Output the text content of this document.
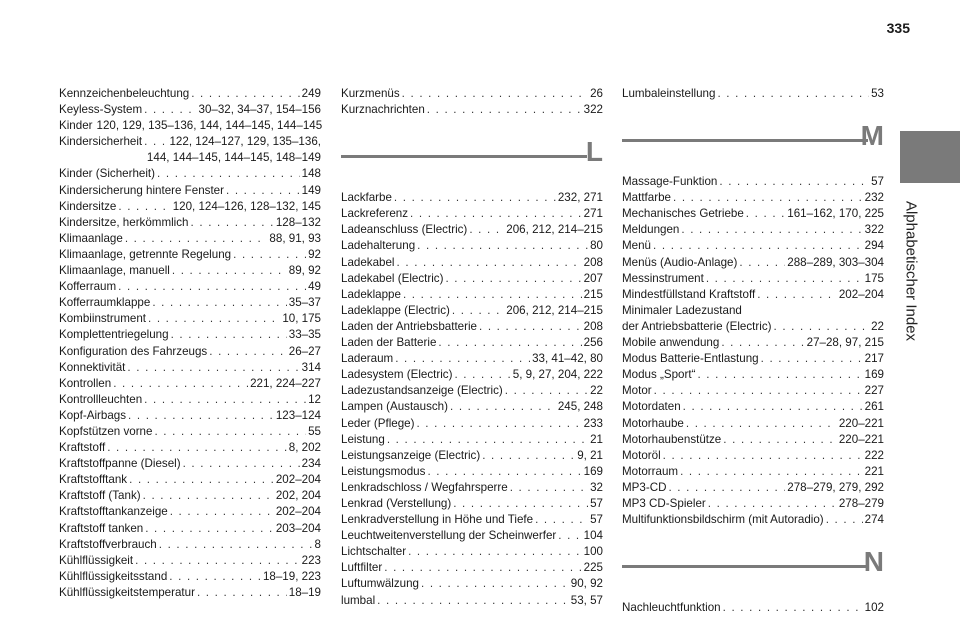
335
Alphabetischer Index
Kennzeichenbeleuchtung . . .	249
Keyless-System . . .	30–32, 34–37, 154–156
Kinder 120, 129, 135–136, 144, 144–145, 144–145
Kindersicherheit . . . 122, 124–127, 129, 135–136,
144, 144–145, 144–145, 148–149
Kinder (Sicherheit) . . .	148
Kindersicherung hintere Fenster . . .	149
Kindersitze . . .	120, 124–126, 128–132, 145
Kindersitze, herkömmlich . . .	128–132
Klimaanlage . . .	88, 91, 93
Klimaanlage, getrennte Regelung . . .	92
Klimaanlage, manuell . . .	89, 92
Kofferraum . . .	49
Kofferraumklappe . . .	35–37
Kombiinstrument . . .	10, 175
Komplettentriegelung . . .	33–35
Konfiguration des Fahrzeugs . . .	26–27
Konnektivität . . .	314
Kontrollen . . .	221, 224–227
Kontrollleuchten . . .	12
Kopf-Airbags . . .	123–124
Kopfstützen vorne . . .	55
Kraftstoff . . .	8, 202
Kraftstoffpanne (Diesel) . . .	234
Kraftstofftank . . .	202–204
Kraftstoff (Tank) . . .	202, 204
Kraftstofftankanzeige . . .	202–204
Kraftstoff tanken . . .	203–204
Kraftstoffverbrauch . . .	8
Kühlflüssigkeit . . .	223
Kühlflüssigkeitsstand . . .	18–19, 223
Kühlflüssigkeitstemperatur . . .	18–19
Kurzmenüs . . .	26
Kurznachrichten . . .	322
L
Lackfarbe . . .	232, 271
Lackreferenz . . .	271
Ladeanschluss (Electric) . . .	206, 212, 214–215
Ladehalterung . . .	80
Ladekabel . . .	208
Ladekabel (Electric) . . .	207
Ladeklappe . . .	215
Ladeklappe (Electric) . . .	206, 212, 214–215
Laden der Antriebsbatterie . . .	208
Laden der Batterie . . .	256
Laderaum . . .	33, 41–42, 80
Ladesystem (Electric) . . .	5, 9, 27, 204, 222
Ladezustandsanzeige (Electric) . . .	22
Lampen (Austausch) . . .	245, 248
Leder (Pflege) . . .	233
Leistung . . .	21
Leistungsanzeige (Electric) . . .	9, 21
Leistungsmodus . . .	169
Lenkradschloss / Wegfahrsperre . . .	32
Lenkrad (Verstellung) . . .	57
Lenkradverstellung in Höhe und Tiefe . . .	57
Leuchtweitenverstellung der Scheinwerfer . . . 104
Lichtschalter . . .	100
Luftfilter . . .	225
Luftumwälzung . . .	90, 92
lumbal . . .	53, 57
Lumbaleinstellung . . .	53
M
Massage-Funktion . . .	57
Mattfarbe . . .	232
Mechanisches Getriebe . . .	161–162, 170, 225
Meldungen . . .	322
Menü . . .	294
Menüs (Audio-Anlage) . . .	288–289, 303–304
Messinstrument . . .	175
Mindestfüllstand Kraftstoff . . .	202–204
Minimaler Ladezustand
der Antriebsbatterie (Electric) . . .	22
Mobile anwendung . . .	27–28, 97, 215
Modus Batterie-Entlastung . . .	217
Modus „Sport“ . . .	169
Motor . . .	227
Motordaten . . .	261
Motorhaube . . .	220–221
Motorhaubenstütze . . .	220–221
Motoröl . . .	222
Motorraum . . .	221
MP3-CD . . .	278–279, 279, 292
MP3 CD-Spieler . . .	278–279
Multifunktionsbildschirm (mit Autoradio) . . .	274
N
Nachleuchtfunktion . . .	102
